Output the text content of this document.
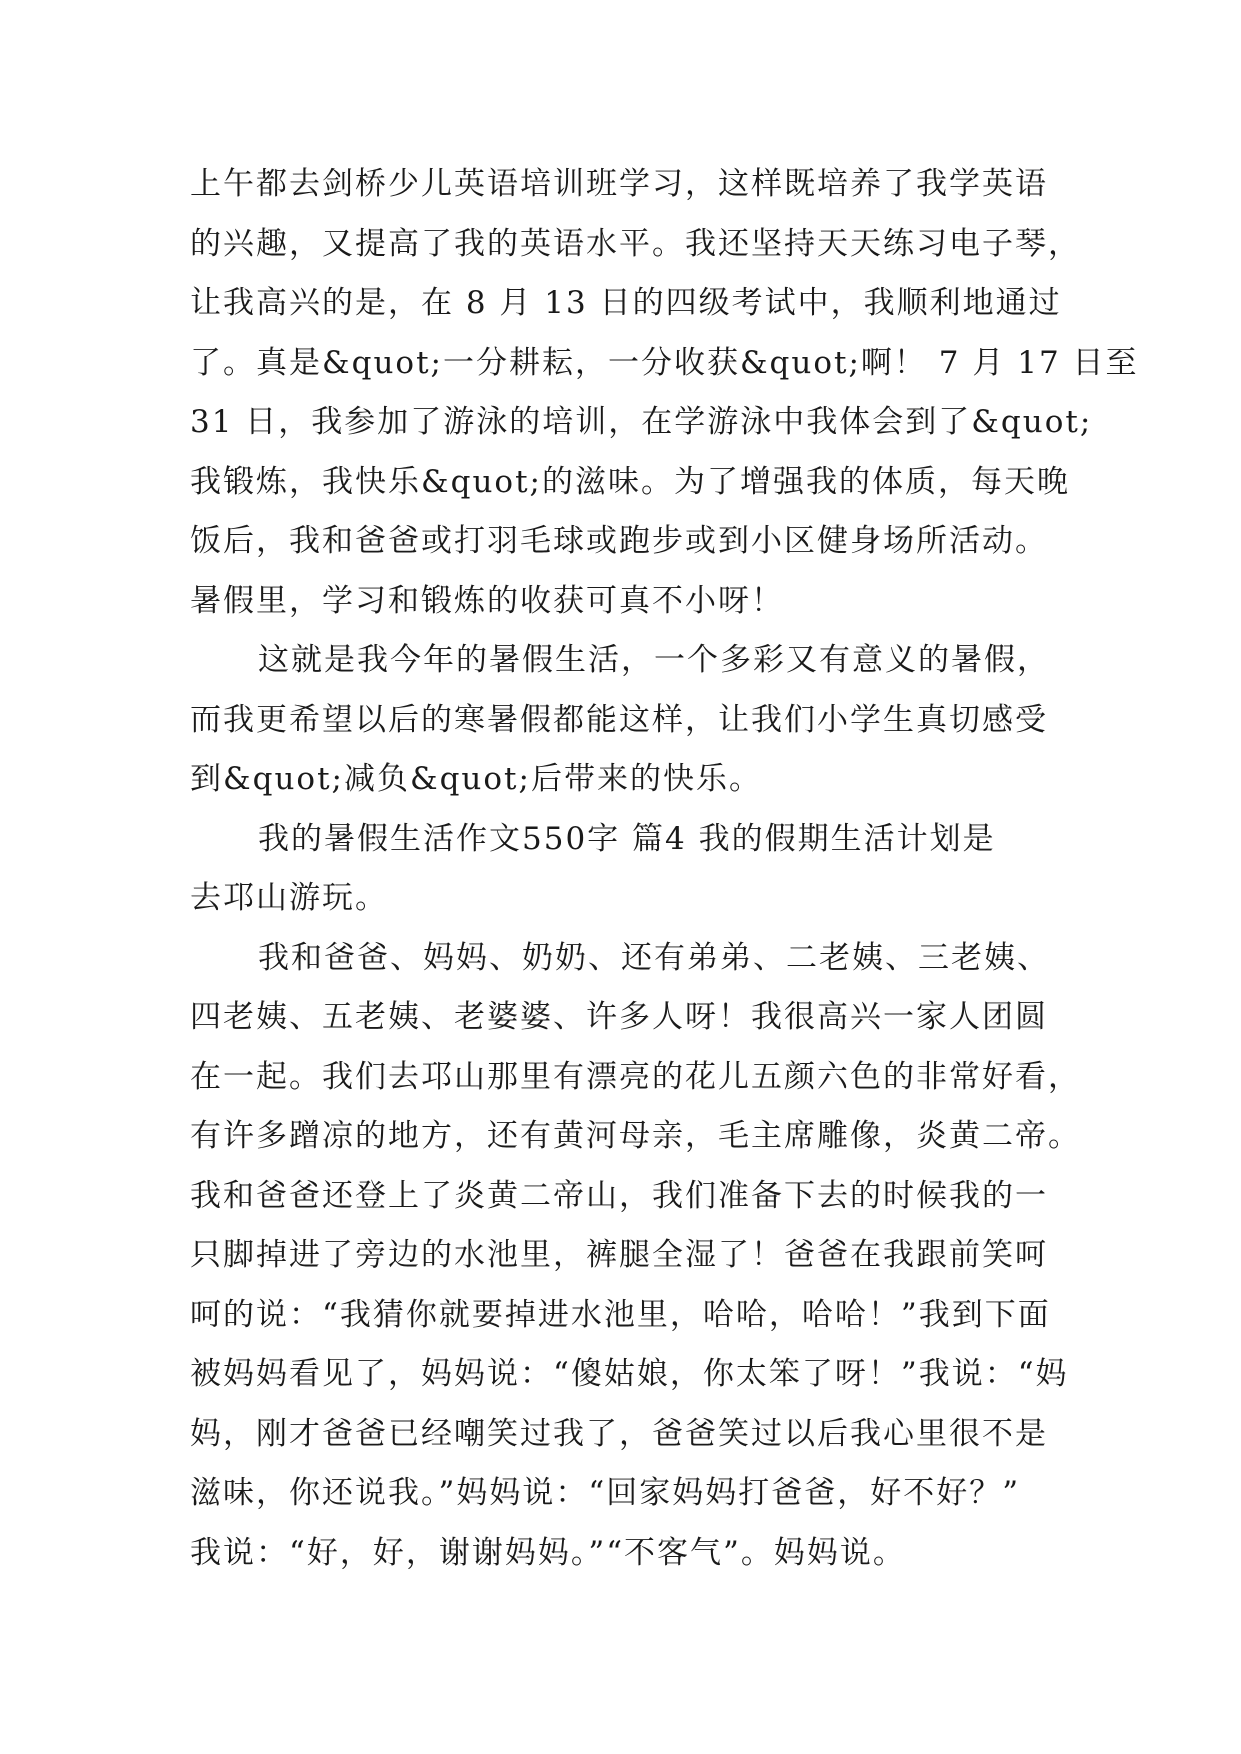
上午都去剑桥少儿英语培训班学习，这样既培养了我学英语
的兴趣，又提高了我的英语水平。我还坚持天天练习电子琴，
让我高兴的是，在 8 月 13 日的四级考试中，我顺利地通过
了。真是&quot;一分耕耘，一分收获&quot;啊！ 7 月 17 日至
31 日，我参加了游泳的培训，在学游泳中我体会到了&quot;
我锻炼，我快乐&quot;的滋味。为了增强我的体质，每天晚
饭后，我和爸爸或打羽毛球或跑步或到小区健身场所活动。
暑假里，学习和锻炼的收获可真不小呀！
这就是我今年的暑假生活，一个多彩又有意义的暑假，
而我更希望以后的寒暑假都能这样，让我们小学生真切感受
到&quot;减负&quot;后带来的快乐。
我的暑假生活作文550字 篇4 我的假期生活计划是
去邛山游玩。
我和爸爸、妈妈、奶奶、还有弟弟、二老姨、三老姨、
四老姨、五老姨、老婆婆、许多人呀！我很高兴一家人团圆
在一起。我们去邛山那里有漂亮的花儿五颜六色的非常好看，
有许多蹭凉的地方，还有黄河母亲，毛主席雕像，炎黄二帝。
我和爸爸还登上了炎黄二帝山，我们准备下去的时候我的一
只脚掉进了旁边的水池里，裤腿全湿了！爸爸在我跟前笑呵
呵的说：“我猜你就要掉进水池里，哈哈，哈哈！”我到下面
被妈妈看见了，妈妈说：“傻姑娘，你太笨了呀！”我说：“妈
妈，刚才爸爸已经嘲笑过我了，爸爸笑过以后我心里很不是
滋味，你还说我。”妈妈说：“回家妈妈打爸爸，好不好？”
我说：“好，好，谢谢妈妈。”“不客气”。妈妈说。
